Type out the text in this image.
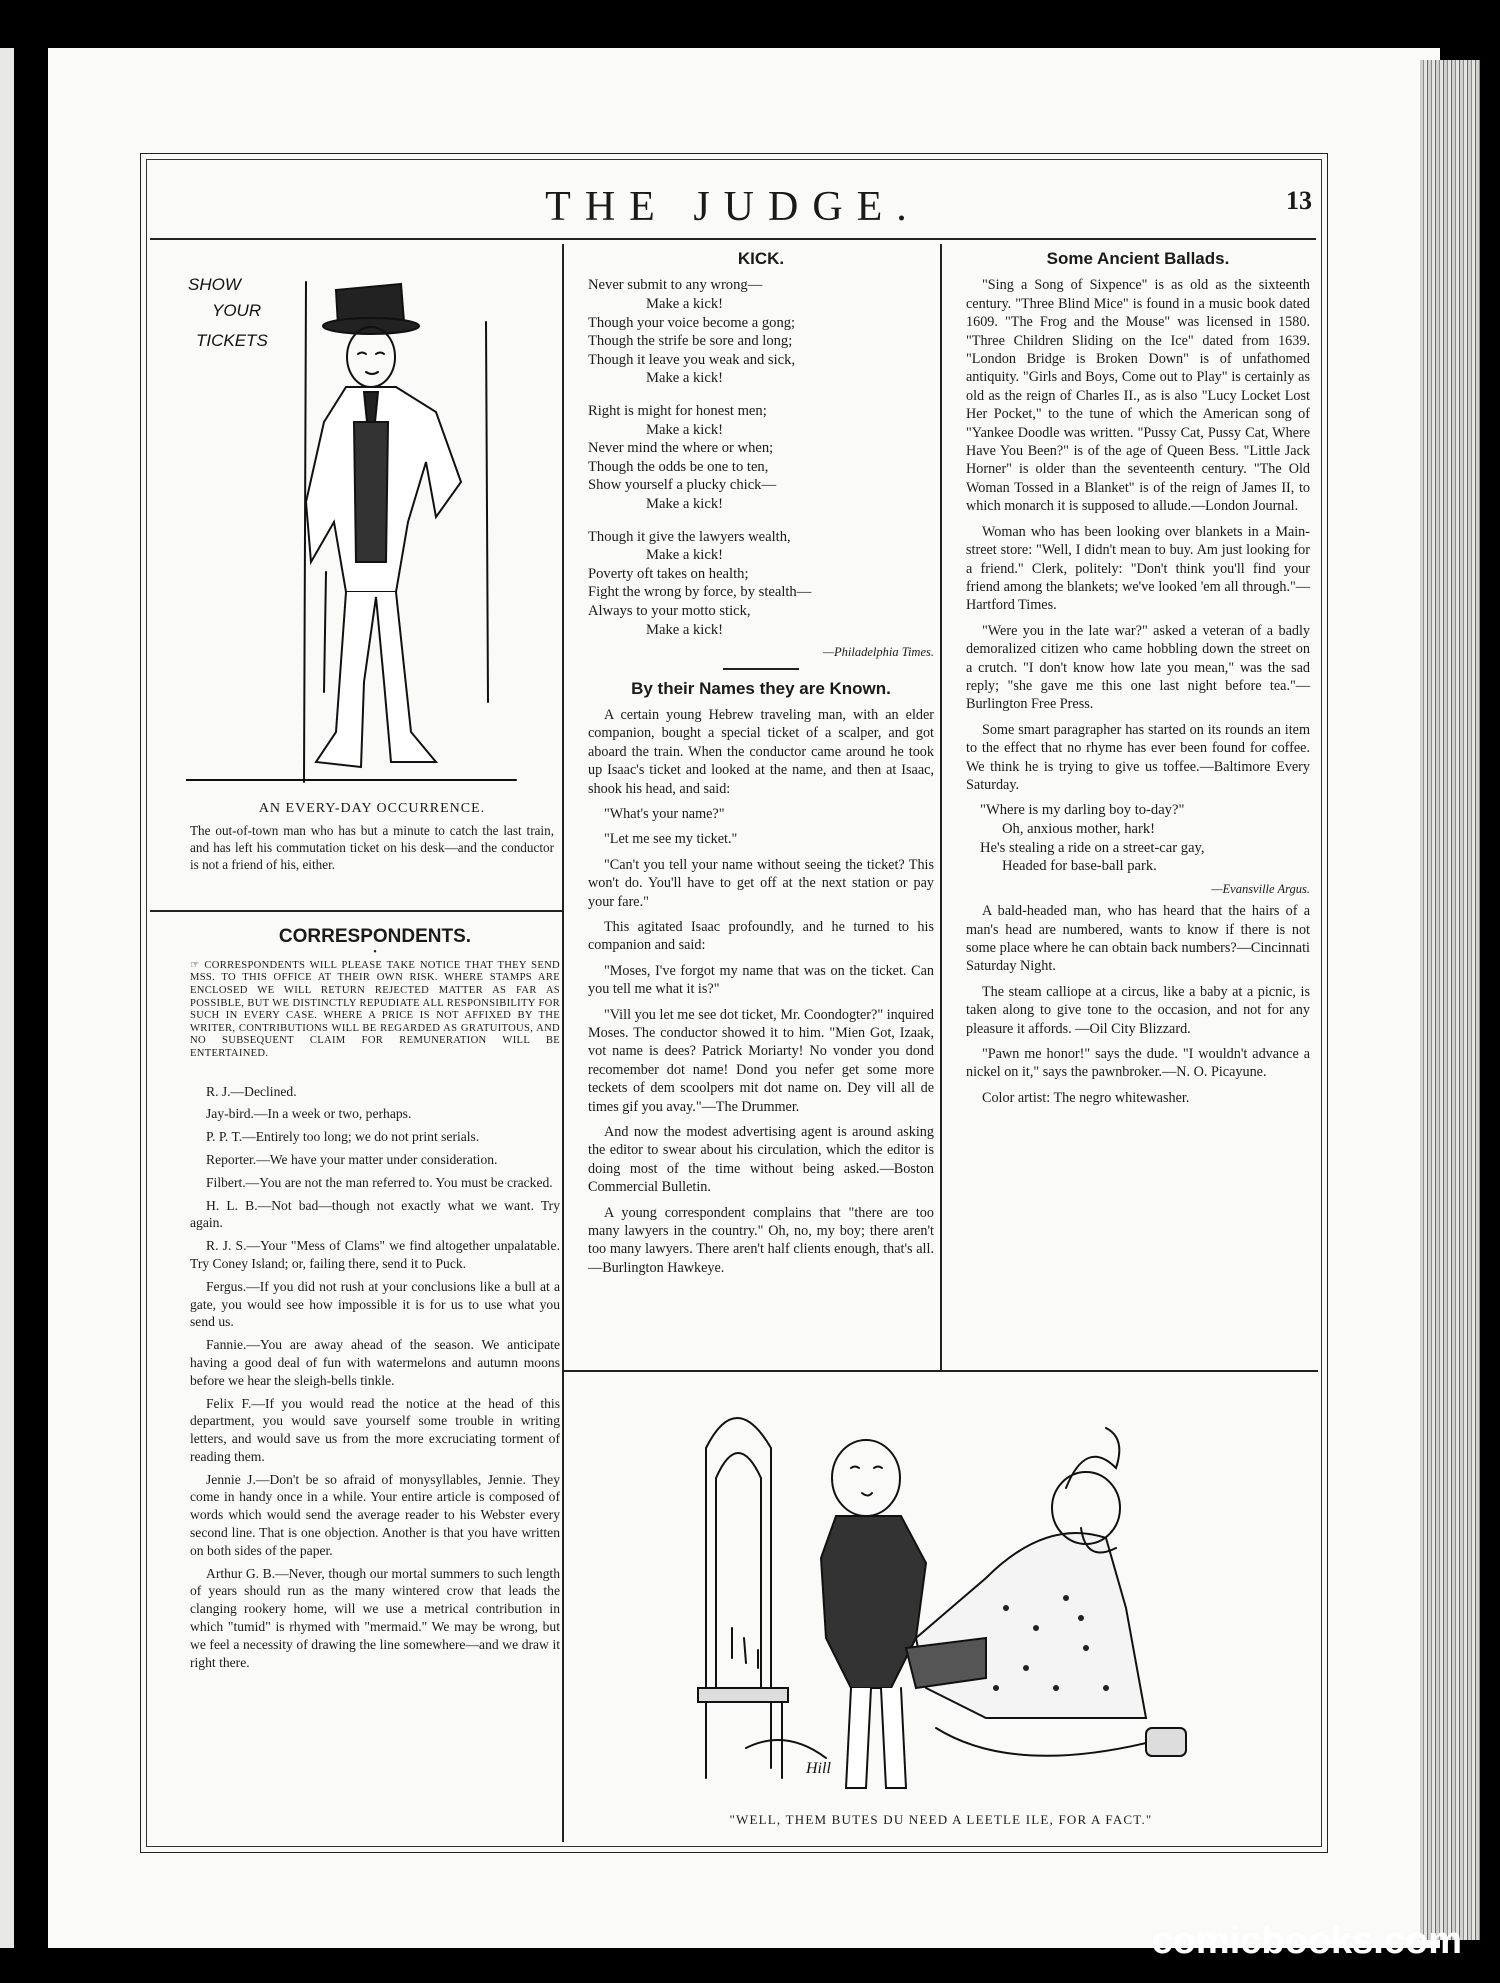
THE JUDGE.	13
SHOW
YOUR
TICKETS
AN EVERY-DAY OCCURRENCE.
The out-of-town man who has but a minute to catch the last train, and has left his commutation ticket on his desk—and the conductor is not a friend of his, either.
CORRESPONDENTS.
•
☞ CORRESPONDENTS WILL PLEASE TAKE NOTICE THAT THEY SEND MSS. TO THIS OFFICE AT THEIR OWN RISK. WHERE STAMPS ARE ENCLOSED WE WILL RETURN REJECTED MATTER AS FAR AS POSSIBLE, BUT WE DISTINCTLY REPUDIATE ALL RESPONSIBILITY FOR SUCH IN EVERY CASE. WHERE A PRICE IS NOT AFFIXED BY THE WRITER, CONTRIBUTIONS WILL BE REGARDED AS GRATUITOUS, AND NO SUBSEQUENT CLAIM FOR REMUNERATION WILL BE ENTERTAINED.

R. J.—Declined.

Jay-bird.—In a week or two, perhaps.

P. P. T.—Entirely too long; we do not print serials.

Reporter.—We have your matter under consideration.

Filbert.—You are not the man referred to. You must be cracked.

H. L. B.—Not bad—though not exactly what we want. Try again.

R. J. S.—Your "Mess of Clams" we find altogether unpalatable. Try Coney Island; or, failing there, send it to Puck.

Fergus.—If you did not rush at your conclusions like a bull at a gate, you would see how impossible it is for us to use what you send us.

Fannie.—You are away ahead of the season. We anticipate having a good deal of fun with watermelons and autumn moons before we hear the sleigh-bells tinkle.

Felix F.—If you would read the notice at the head of this department, you would save yourself some trouble in writing letters, and would save us from the more excruciating torment of reading them.

Jennie J.—Don't be so afraid of monysyllables, Jennie. They come in handy once in a while. Your entire article is composed of words which would send the average reader to his Webster every second line. That is one objection. Another is that you have written on both sides of the paper.

Arthur G. B.—Never, though our mortal summers to such length of years should run as the many wintered crow that leads the clanging rookery home, will we use a metrical contribution in which "tumid" is rhymed with "mermaid." We may be wrong, but we feel a necessity of drawing the line somewhere—and we draw it right there.

KICK.
Never submit to any wrong—
Make a kick!
Though your voice become a gong;
Though the strife be sore and long;
Though it leave you weak and sick,
Make a kick!
Right is might for honest men;
Make a kick!
Never mind the where or when;
Though the odds be one to ten,
Show yourself a plucky chick—
Make a kick!
Though it give the lawyers wealth,
Make a kick!
Poverty oft takes on health;
Fight the wrong by force, by stealth—
Always to your motto stick,
Make a kick!
—Philadelphia Times.
By their Names they are Known.

A certain young Hebrew traveling man, with an elder companion, bought a special ticket of a scalper, and got aboard the train. When the conductor came around he took up Isaac's ticket and looked at the name, and then at Isaac, shook his head, and said:

"What's your name?"

"Let me see my ticket."

"Can't you tell your name without seeing the ticket? This won't do. You'll have to get off at the next station or pay your fare."

This agitated Isaac profoundly, and he turned to his companion and said:

"Moses, I've forgot my name that was on the ticket. Can you tell me what it is?"

"Vill you let me see dot ticket, Mr. Coondogter?" inquired Moses. The conductor showed it to him. "Mien Got, Izaak, vot name is dees? Patrick Moriarty! No vonder you dond recomember dot name! Dond you nefer get some more teckets of dem scoolpers mit dot name on. Dey vill all de times gif you avay."—The Drummer.

And now the modest advertising agent is around asking the editor to swear about his circulation, which the editor is doing most of the time without being asked.—Boston Commercial Bulletin.

A young correspondent complains that "there are too many lawyers in the country." Oh, no, my boy; there aren't too many lawyers. There aren't half clients enough, that's all.—Burlington Hawkeye.

Some Ancient Ballads.

"Sing a Song of Sixpence" is as old as the sixteenth century. "Three Blind Mice" is found in a music book dated 1609. "The Frog and the Mouse" was licensed in 1580. "Three Children Sliding on the Ice" dated from 1639. "London Bridge is Broken Down" is of unfathomed antiquity. "Girls and Boys, Come out to Play" is certainly as old as the reign of Charles II., as is also "Lucy Locket Lost Her Pocket," to the tune of which the American song of "Yankee Doodle was written. "Pussy Cat, Pussy Cat, Where Have You Been?" is of the age of Queen Bess. "Little Jack Horner" is older than the seventeenth century. "The Old Woman Tossed in a Blanket" is of the reign of James II, to which monarch it is supposed to allude.—London Journal.

Woman who has been looking over blankets in a Main-street store: "Well, I didn't mean to buy. Am just looking for a friend." Clerk, politely: "Don't think you'll find your friend among the blankets; we've looked 'em all through."—Hartford Times.

"Were you in the late war?" asked a veteran of a badly demoralized citizen who came hobbling down the street on a crutch. "I don't know how late you mean," was the sad reply; "she gave me this one last night before tea."—Burlington Free Press.

Some smart paragrapher has started on its rounds an item to the effect that no rhyme has ever been found for coffee. We think he is trying to give us toffee.—Baltimore Every Saturday.

"Where is my darling boy to-day?"
Oh, anxious mother, hark!
He's stealing a ride on a street-car gay,
Headed for base-ball park.
—Evansville Argus.

A bald-headed man, who has heard that the hairs of a man's head are numbered, wants to know if there is not some place where he can obtain back numbers?—Cincinnati Saturday Night.

The steam calliope at a circus, like a baby at a picnic, is taken along to give tone to the occasion, and not for any pleasure it affords. —Oil City Blizzard.

"Pawn me honor!" says the dude. "I wouldn't advance a nickel on it," says the pawnbroker.—N. O. Picayune.

Color artist: The negro whitewasher.

Hill
"WELL, THEM BUTES DU NEED A LEETLE ILE, FOR A FACT."
comicbooks.com
